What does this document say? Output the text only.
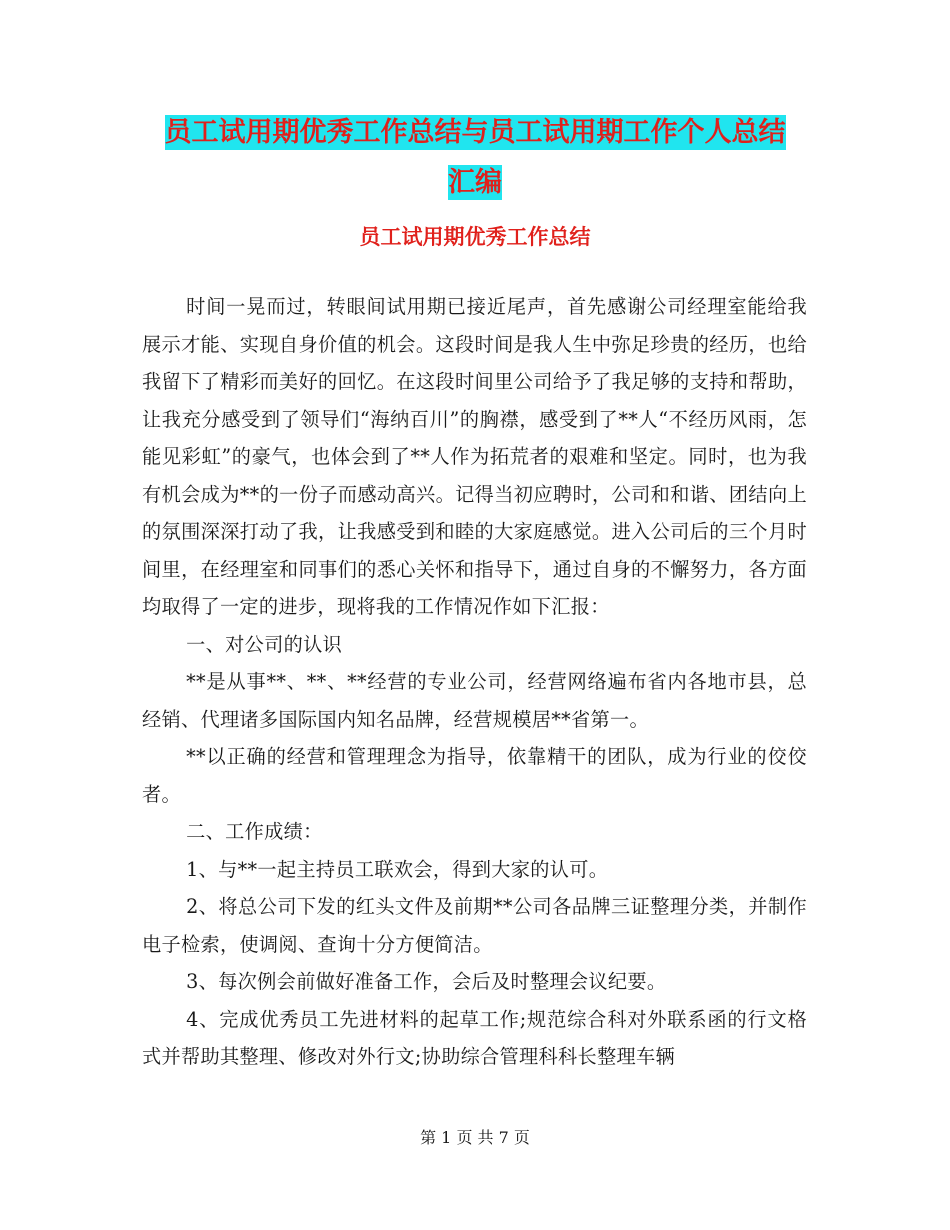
员工试用期优秀工作总结与员工试用期工作个人总结
汇编
员工试用期优秀工作总结

时间一晃而过，转眼间试用期已接近尾声，首先感谢公司经理室能给我展示才能、实现自身价值的机会。这段时间是我人生中弥足珍贵的经历，也给我留下了精彩而美好的回忆。在这段时间里公司给予了我足够的支持和帮助，让我充分感受到了领导们“海纳百川”的胸襟，感受到了**人“不经历风雨，怎能见彩虹”的豪气，也体会到了**人作为拓荒者的艰难和坚定。同时，也为我有机会成为**的一份子而感动高兴。记得当初应聘时，公司和和谐、团结向上的氛围深深打动了我，让我感受到和睦的大家庭感觉。进入公司后的三个月时间里，在经理室和同事们的悉心关怀和指导下，通过自身的不懈努力，各方面均取得了一定的进步，现将我的工作情况作如下汇报：

一、对公司的认识

**是从事**、**、**经营的专业公司，经营网络遍布省内各地市县，总经销、代理诸多国际国内知名品牌，经营规模居**省第一。

**以正确的经营和管理理念为指导，依靠精干的团队，成为行业的佼佼者。

二、工作成绩：

1、与**一起主持员工联欢会，得到大家的认可。

2、将总公司下发的红头文件及前期**公司各品牌三证整理分类，并制作电子检索，使调阅、查询十分方便简洁。

3、每次例会前做好准备工作，会后及时整理会议纪要。

4、完成优秀员工先进材料的起草工作;规范综合科对外联系函的行文格式并帮助其整理、修改对外行文;协助综合管理科科长整理车辆

第 1 页 共 7 页
